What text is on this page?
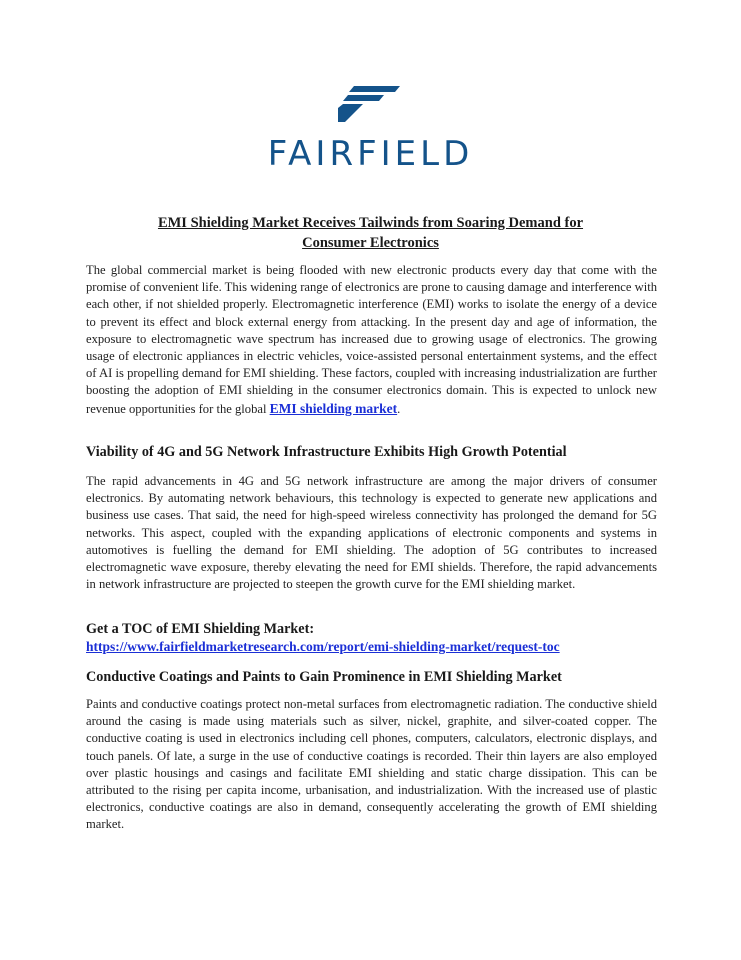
FAIRFIELD
EMI Shielding Market Receives Tailwinds from Soaring Demand for Consumer Electronics
The global commercial market is being flooded with new electronic products every day that come with the promise of convenient life. This widening range of electronics are prone to causing damage and interference with each other, if not shielded properly. Electromagnetic interference (EMI) works to isolate the energy of a device to prevent its effect and block external energy from attacking. In the present day and age of information, the exposure to electromagnetic wave spectrum has increased due to growing usage of electronics. The growing usage of electronic appliances in electric vehicles, voice-assisted personal entertainment systems, and the effect of AI is propelling demand for EMI shielding. These factors, coupled with increasing industrialization are further boosting the adoption of EMI shielding in the consumer electronics domain. This is expected to unlock new revenue opportunities for the global EMI shielding market.
Viability of 4G and 5G Network Infrastructure Exhibits High Growth Potential
The rapid advancements in 4G and 5G network infrastructure are among the major drivers of consumer electronics. By automating network behaviours, this technology is expected to generate new applications and business use cases. That said, the need for high-speed wireless connectivity has prolonged the demand for 5G networks. This aspect, coupled with the expanding applications of electronic components and systems in automotives is fuelling the demand for EMI shielding. The adoption of 5G contributes to increased electromagnetic wave exposure, thereby elevating the need for EMI shields. Therefore, the rapid advancements in network infrastructure are projected to steepen the growth curve for the EMI shielding market.
Get a TOC of EMI Shielding Market:
https://www.fairfieldmarketresearch.com/report/emi-shielding-market/request-toc
Conductive Coatings and Paints to Gain Prominence in EMI Shielding Market
Paints and conductive coatings protect non-metal surfaces from electromagnetic radiation. The conductive shield around the casing is made using materials such as silver, nickel, graphite, and silver-coated copper. The conductive coating is used in electronics including cell phones, computers, calculators, electronic displays, and touch panels. Of late, a surge in the use of conductive coatings is recorded. Their thin layers are also employed over plastic housings and casings and facilitate EMI shielding and static charge dissipation. This can be attributed to the rising per capita income, urbanisation, and industrialization. With the increased use of plastic electronics, conductive coatings are also in demand, consequently accelerating the growth of EMI shielding market.
